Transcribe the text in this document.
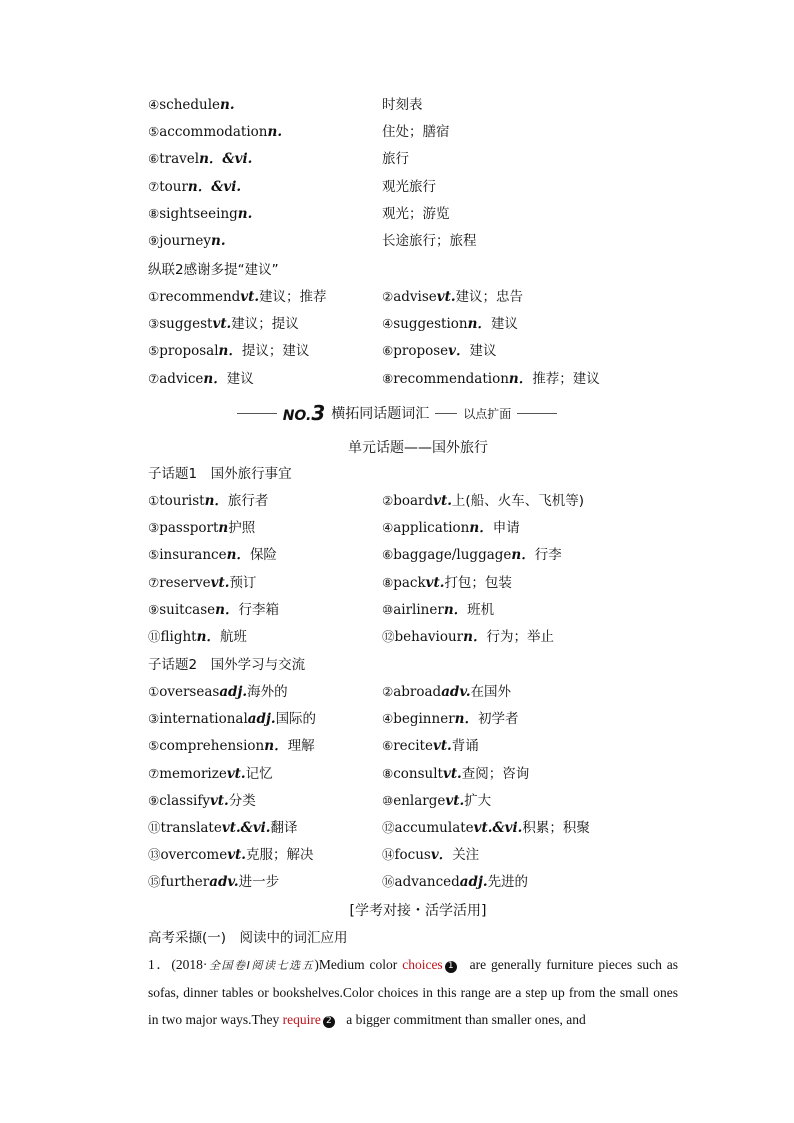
④schedulen.	时刻表
⑤accommodationn.	住处；膳宿
⑥traveln．&vi.	旅行
⑦tourn．&vi.	观光旅行
⑧sightseeingn.	观光；游览
⑨journeyn.	长途旅行；旅程
纵联2感谢多提“建议”
①recommendvt.建议；推荐	②advisevt.建议；忠告
③suggestvt.建议；提议	④suggestionn．建议
⑤proposaln．提议；建议	⑥proposev．建议
⑦advicen．建议	⑧recommendationn．推荐；建议
NO.3 横拓同话题词汇	以点扩面
单元话题——国外旅行
子话题1　国外旅行事宜
①touristn．旅行者	②boardvt.上(船、火车、飞机等)
③passportn护照	④applicationn．申请
⑤insurancen．保险	⑥baggage/luggagen．行李
⑦reservevt.预订	⑧packvt.打包；包装
⑨suitcasen．行李箱	⑩airlinern．班机
⑪flightn．航班	⑫behaviourn．行为；举止
子话题2　国外学习与交流
①overseasadj.海外的	②abroadadv.在国外
③internationaladj.国际的	④beginnern．初学者
⑤comprehensionn．理解	⑥recitevt.背诵
⑦memorizevt.记忆	⑧consultvt.查阅；咨询
⑨classifyvt.分类	⑩enlargevt.扩大
⑪translatevt.&vi.翻译	⑫accumulatevt.&vi.积累；积聚
⑬overcomevt.克服；解决	⑭focusv．关注
⑮furtheradv.进一步	⑯advancedadj.先进的
[学考对接・活学活用]
高考采撷(一)　阅读中的词汇应用
1．(2018·全国卷Ⅰ阅读七选五)Medium color choices 1 are generally furniture pieces such as sofas, dinner tables or bookshelves.Color choices in this range are a step up from the small ones in two major ways.They require 2 a bigger commitment than smaller ones, and
